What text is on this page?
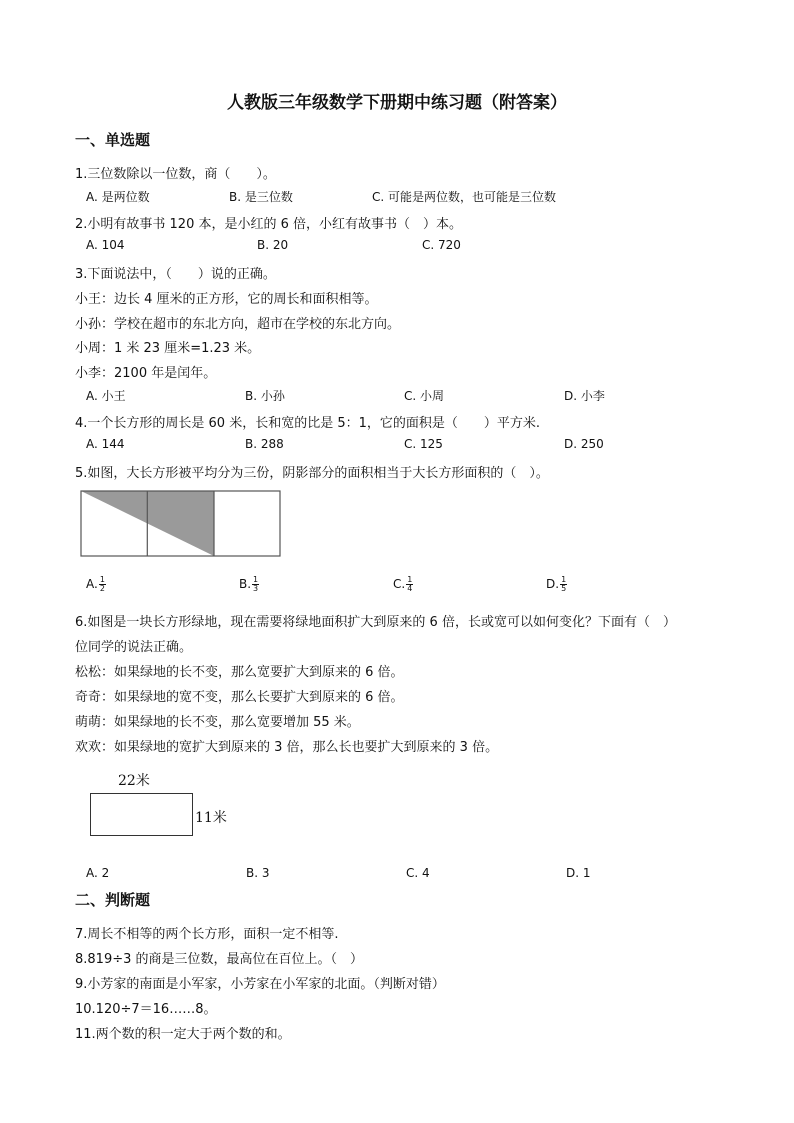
人教版三年级数学下册期中练习题（附答案）
一、单选题
1.三位数除以一位数，商（　　）。
A. 是两位数	B. 是三位数	C. 可能是两位数，也可能是三位数
2.小明有故事书 120 本，是小红的 6 倍，小红有故事书（　）本。
A. 104	B. 20	C. 720
3.下面说法中，（　　）说的正确。
小王：边长 4 厘米的正方形，它的周长和面积相等。
小孙：学校在超市的东北方向，超市在学校的东北方向。
小周：1 米 23 厘米=1.23 米。
小李：2100 年是闰年。
A. 小王	B. 小孙	C. 小周	D. 小李
4.一个长方形的周长是 60 米，长和宽的比是 5：1，它的面积是（　　）平方米.
A. 144	B. 288	C. 125	D. 250
5.如图，大长方形被平均分为三份，阴影部分的面积相当于大长方形面积的（　）。
A. $\frac{1}{2}$	B. $\frac{1}{3}$	C. $\frac{1}{4}$	D. $\frac{1}{5}$
6.如图是一块长方形绿地，现在需要将绿地面积扩大到原来的 6 倍，长或宽可以如何变化？下面有（　）
位同学的说法正确。
松松：如果绿地的长不变，那么宽要扩大到原来的 6 倍。
奇奇：如果绿地的宽不变，那么长要扩大到原来的 6 倍。
萌萌：如果绿地的长不变，那么宽要增加 55 米。
欢欢：如果绿地的宽扩大到原来的 3 倍，那么长也要扩大到原来的 3 倍。
22米
11米
A. 2	B. 3	C. 4	D. 1
二、判断题
7.周长不相等的两个长方形，面积一定不相等.
8.819÷3 的商是三位数，最高位在百位上。（　）
9.小芳家的南面是小军家，小芳家在小军家的北面。（判断对错）
10.120÷7＝16……8。
11.两个数的积一定大于两个数的和。
